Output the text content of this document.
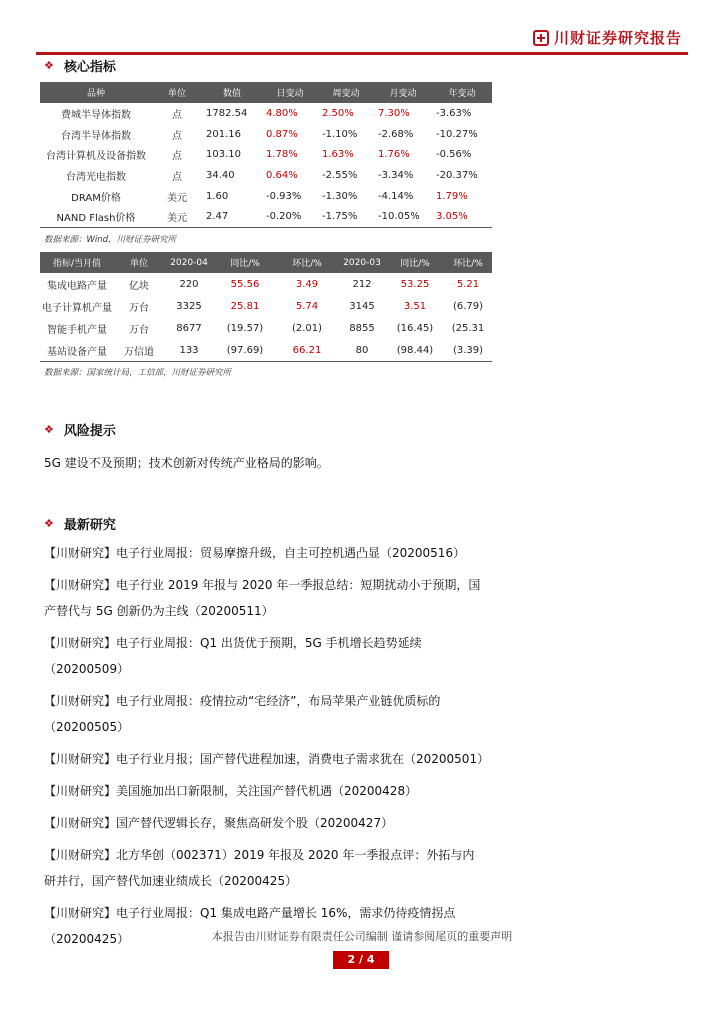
川财证券研究报告
❖ 核心指标
品种	单位	数值	日变动	周变动	月变动	年变动
费城半导体指数	点	1782.54	4.80%	2.50%	7.30%	-3.63%
台湾半导体指数	点	201.16	0.87%	-1.10%	-2.68%	-10.27%
台湾计算机及设备指数	点	103.10	1.78%	1.63%	1.76%	-0.56%
台湾光电指数	点	34.40	0.64%	-2.55%	-3.34%	-20.37%
DRAM价格	美元	1.60	-0.93%	-1.30%	-4.14%	1.79%
NAND Flash价格	美元	2.47	-0.20%	-1.75%	-10.05%	3.05%
数据来源：Wind，川财证券研究所
指标/当月值	单位	2020-04	同比/%	环比/%	2020-03	同比/%	环比/%
集成电路产量	亿块	220	55.56	3.49	212	53.25	5.21
电子计算机产量	万台	3325	25.81	5.74	3145	3.51	(6.79)
智能手机产量	万台	8677	(19.57)	(2.01)	8855	(16.45)	(25.31
基站设备产量	万信道	133	(97.69)	66.21	80	(98.44)	(3.39)
数据来源：国家统计局，工信部，川财证券研究所
❖ 风险提示
5G 建设不及预期；技术创新对传统产业格局的影响。
❖ 最新研究
【川财研究】电子行业周报：贸易摩擦升级，自主可控机遇凸显（20200516）
【川财研究】电子行业 2019 年报与 2020 年一季报总结：短期扰动小于预期，国产替代与 5G 创新仍为主线（20200511）
【川财研究】电子行业周报：Q1 出货优于预期，5G 手机增长趋势延续（20200509）
【川财研究】电子行业周报：疫情拉动“宅经济”，布局苹果产业链优质标的（20200505）
【川财研究】电子行业月报；国产替代进程加速，消费电子需求犹在（20200501）
【川财研究】美国施加出口新限制，关注国产替代机遇（20200428）
【川财研究】国产替代逻辑长存，聚焦高研发个股（20200427）
【川财研究】北方华创（002371）2019 年报及 2020 年一季报点评：外拓与内研并行，国产替代加速业绩成长（20200425）
【川财研究】电子行业周报：Q1 集成电路产量增长 16%，需求仍待疫情拐点（20200425）	本报告由川财证券有限责任公司编制 谨请参阅尾页的重要声明
2 / 4
